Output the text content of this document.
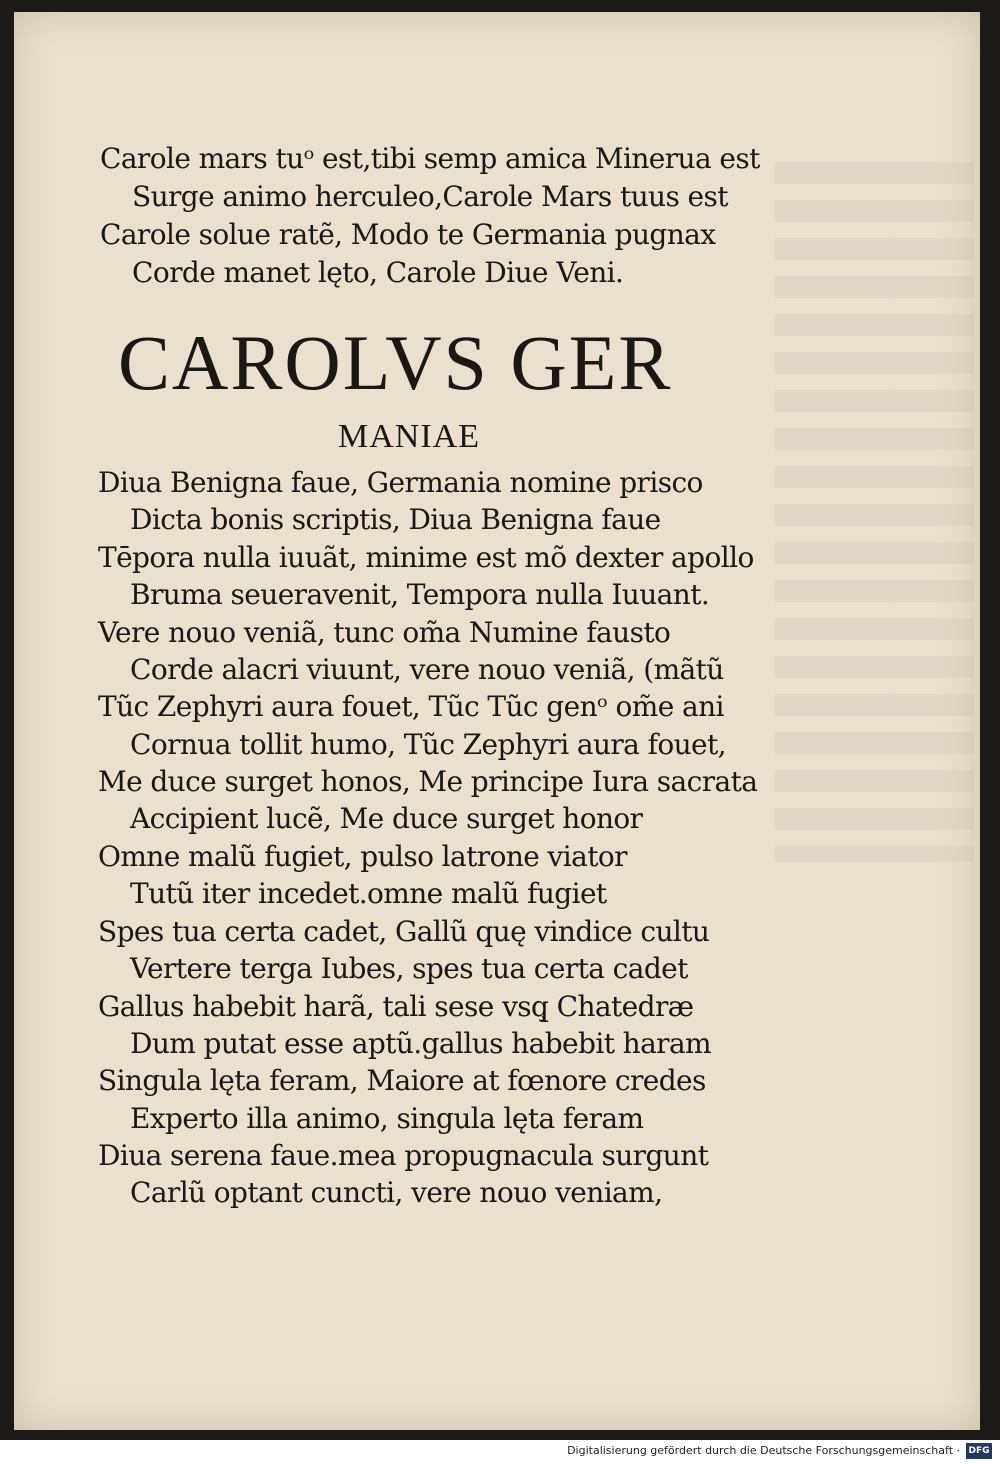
Carole mars tuᵒ est,tibi semp amica Minerua est
Surge animo herculeo,Carole Mars tuus est
Carole solue ratẽ, Modo te Germania pugnax
Corde manet lęto, Carole Diue Veni.
CAROLVS GER
MANIAE
Diua Benigna faue, Germania nomine prisco
Dicta bonis scriptis, Diua Benigna faue
Tēpora nulla iuuãt, minime est mõ dexter apollo
Bruma seueravenit, Tempora nulla Iuuant.
Vere nouo veniã, tunc om̃a Numine fausto
Corde alacri viuunt, vere nouo veniã, (mãtũ
Tũc Zephyri aura fouet, Tũc Tũc genᵒ om̃e ani
Cornua tollit humo, Tũc Zephyri aura fouet,
Me duce surget honos, Me principe Iura sacrata
Accipient lucẽ, Me duce surget honor
Omne malũ fugiet, pulso latrone viator
Tutũ iter incedet.omne malũ fugiet
Spes tua certa cadet, Gallũ quę vindice cultu
Vertere terga Iubes, spes tua certa cadet
Gallus habebit harã, tali sese vsq̧ Chatedræ
Dum putat esse aptũ.gallus habebit haram
Singula lęta feram, Maiore at fœnore credes
Experto illa animo, singula lęta feram
Diua serena faue.mea propugnacula surgunt
Carlũ optant cuncti, vere nouo veniam,
Digitalisierung gefördert durch die Deutsche Forschungsgemeinschaft · DFG
